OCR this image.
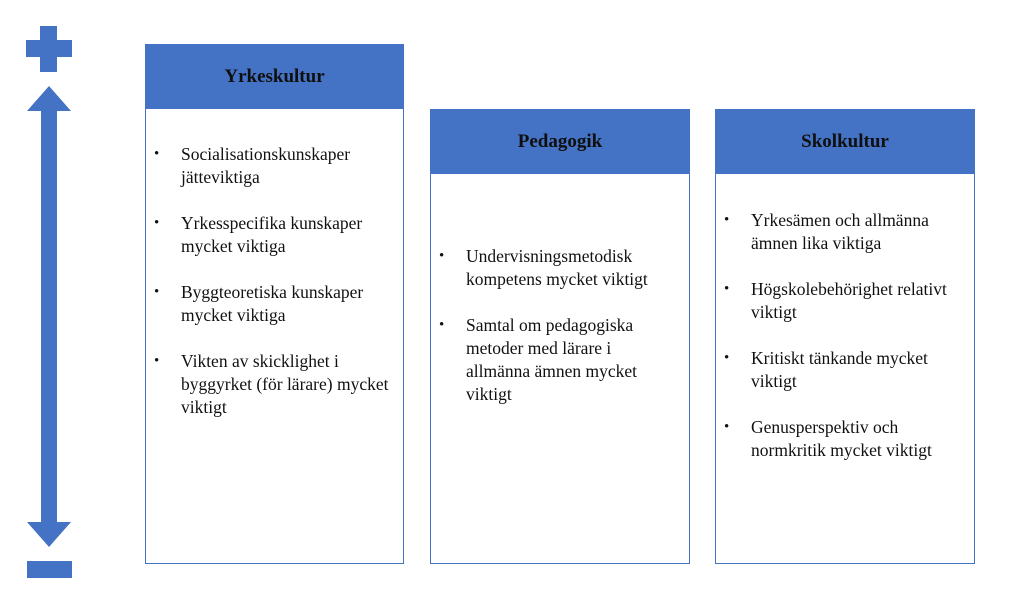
Yrkeskultur
• Socialisationskunskaper jätteviktiga
• Yrkesspecifika kunskaper mycket viktiga
• Byggteoretiska kunskaper mycket viktiga
• Vikten av skicklighet i byggyrket (för lärare) mycket viktigt
Pedagogik
• Undervisningsmetodisk kompetens mycket viktigt
• Samtal om pedagogiska metoder med lärare i allmänna ämnen mycket viktigt
Skolkultur
• Yrkesämen och allmänna ämnen lika viktiga
• Högskolebehörighet relativt viktigt
• Kritiskt tänkande mycket viktigt
• Genusperspektiv och normkritik mycket viktigt
